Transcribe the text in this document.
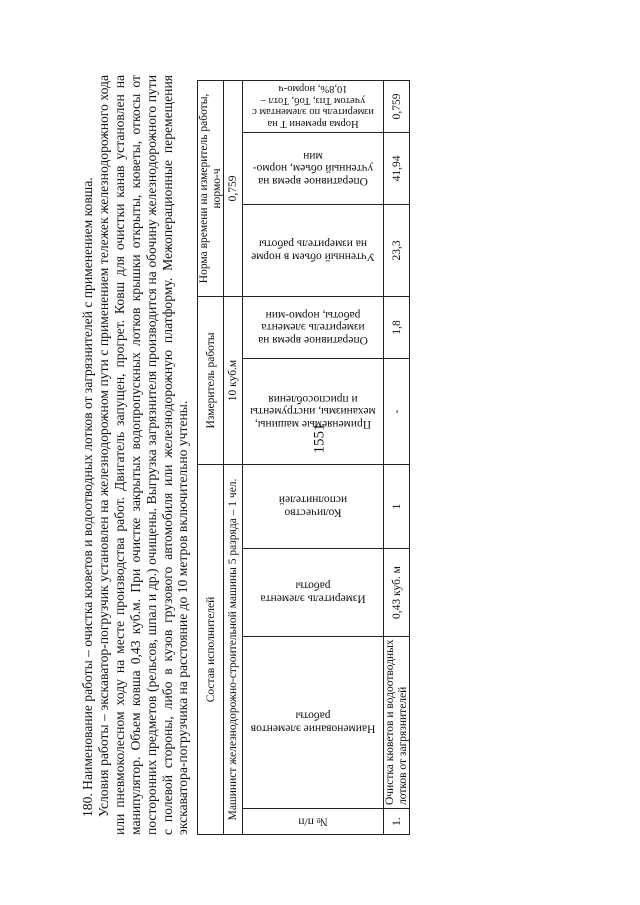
1551

180. Наименование работы – очистка кюветов и водоотводных лотков от загрязнителей с применением ковша. Условия работы – экскаватор-погрузчик установлен на железнодорожном пути с применением тележек железнодорожного хода или пневмоколесном ходу на месте производства работ. Двигатель запущен, прогрет. Ковш для очистки канав установлен на манипулятор. Объем ковша 0,43 куб.м. При очистке закрытых водопропускных лотков крышки открыты, кюветы, откосы от посторонних предметов (рельсов, шпал и др.) очищены. Выгрузка загрязнителя производится на обочину железнодорожного пути с полевой стороны, либо в кузов грузового автомобиля или железнодорожную платформу. Межоперационные перемещения экскаватора-погрузчика на расстояние до 10 метров включительно учтены. Состав исполнителей				Измеритель работы		Норма времени на измеритель работы, нормо-ч		
Машинист железнодорожно-строительной машины 5 разряда – 1 чел.				10 куб.м		0,759		

№ п/п	Наименование элементов работы	Измеритель элемента работы	Количество исполнителей	Применяемые машины, механизмы, инструменты и приспособления	Оперативное время на измеритель элемента работы, нормо-мин	Учтенный объем в норме на измеритель работы	Оперативное время на учтенный объем, нормо-мин	Норма времени Т на измеритель по элементам с учетом Тпз, Тоб, Тотл – 10,8%, нормо-ч

1.	Очистка кюветов и водоотводных лотков от загрязнителей	0,43 куб. м	1	-	1,8	23,3	41,94	0,759
